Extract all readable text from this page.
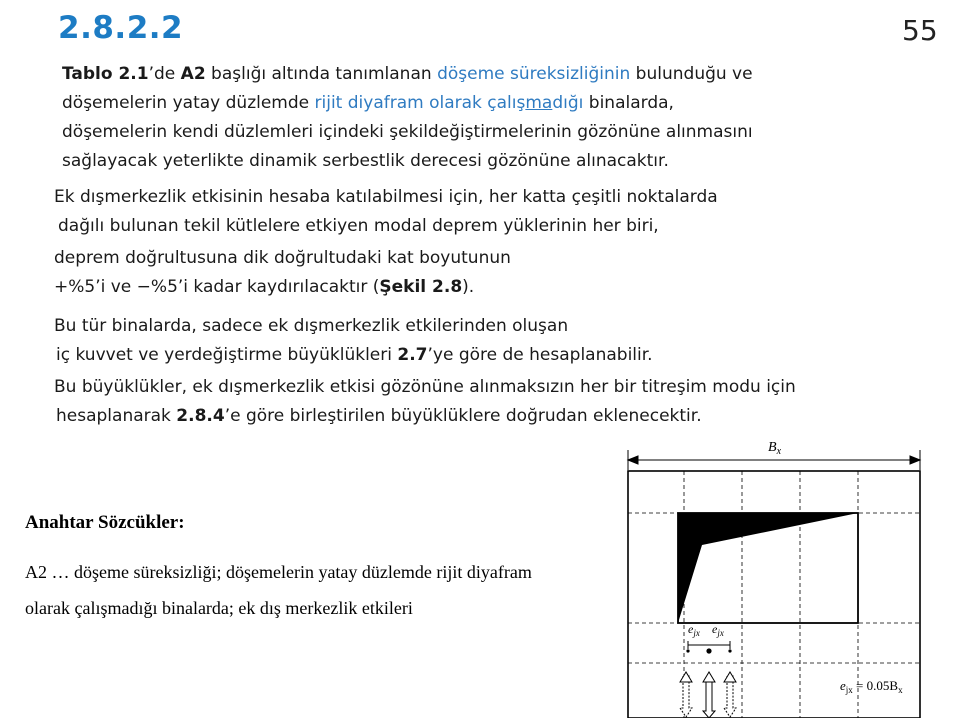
2.8.2.2	55
Tablo 2.1’de A2 başlığı altında tanımlanan döşeme süreksizliğinin bulunduğu ve
döşemelerin yatay düzlemde rijit diyafram olarak çalışmadığı binalarda,
döşemelerin kendi düzlemleri içindeki şekildeğiştirmelerinin gözönüne alınmasını
sağlayacak yeterlikte dinamik serbestlik derecesi gözönüne alınacaktır.
Ek dışmerkezlik etkisinin hesaba katılabilmesi için, her katta çeşitli noktalarda
dağılı bulunan tekil kütlelere etkiyen modal deprem yüklerinin her biri,
deprem doğrultusuna dik doğrultudaki kat boyutunun
+%5’i ve −%5’i kadar kaydırılacaktır (Şekil 2.8).
Bu tür binalarda, sadece ek dışmerkezlik etkilerinden oluşan
iç kuvvet ve yerdeğiştirme büyüklükleri 2.7’ye göre de hesaplanabilir.
Bu büyüklükler, ek dışmerkezlik etkisi gözönüne alınmaksızın her bir titreşim modu için
hesaplanarak 2.8.4’e göre birleştirilen büyüklüklere doğrudan eklenecektir.
Anahtar Sözcükler:
A2 … döşeme süreksizliği; döşemelerin yatay düzlemde rijit diyafram
olarak çalışmadığı binalarda; ek dış merkezlik etkileri
$B_x$
$e_{jx}$ $e_{jx}$
$e_{jx} = 0.05B_x$
